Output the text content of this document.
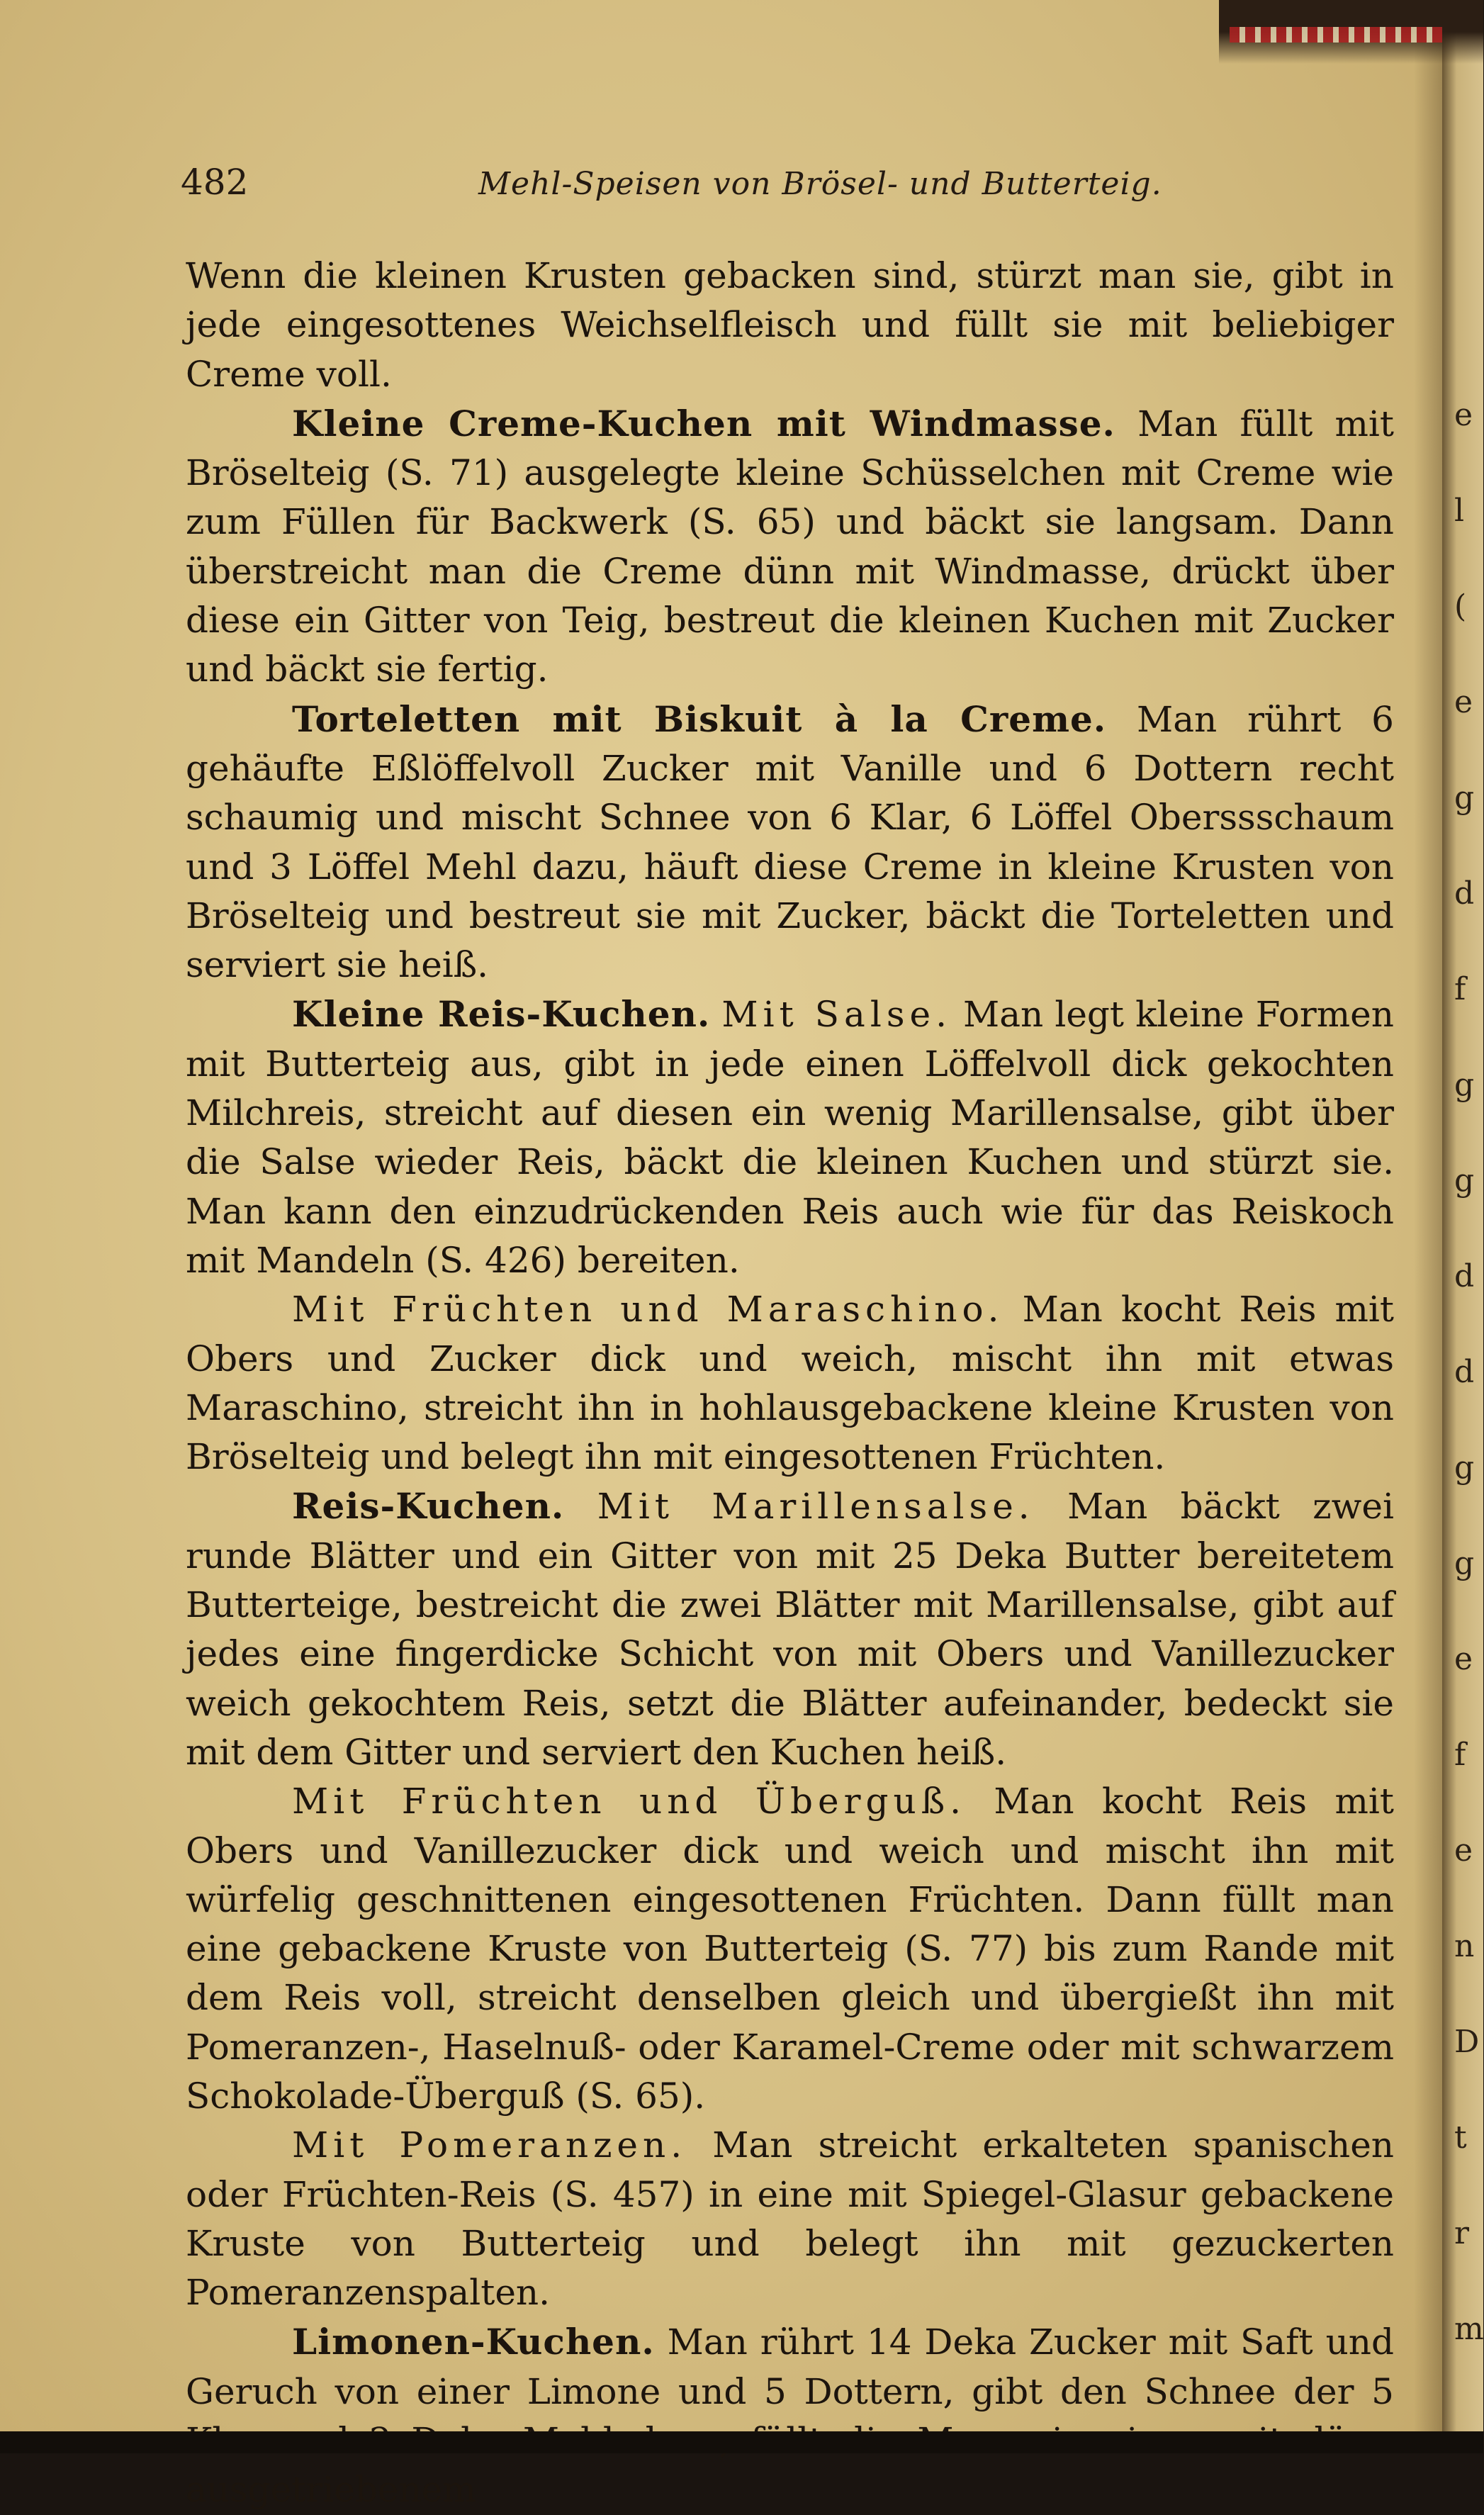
482	Mehl-Speisen von Brösel- und Butterteig.

Wenn die kleinen Krusten gebacken sind, stürzt man sie, gibt in jede eingesottenes Weichselfleisch und füllt sie mit beliebiger Creme voll.

Kleine Creme-Kuchen mit Windmasse. Man füllt mit Bröselteig (S. 71) ausgelegte kleine Schüsselchen mit Creme wie zum Füllen für Backwerk (S. 65) und bäckt sie langsam. Dann überstreicht man die Creme dünn mit Windmasse, drückt über diese ein Gitter von Teig, bestreut die kleinen Kuchen mit Zucker und bäckt sie fertig.

Torteletten mit Biskuit à la Creme. Man rührt 6 gehäufte Eßlöffelvoll Zucker mit Vanille und 6 Dottern recht schaumig und mischt Schnee von 6 Klar, 6 Löffel Oberssschaum und 3 Löffel Mehl dazu, häuft diese Creme in kleine Krusten von Bröselteig und bestreut sie mit Zucker, bäckt die Torteletten und serviert sie heiß.

Kleine Reis-Kuchen. Mit Salse. Man legt kleine Formen mit Butterteig aus, gibt in jede einen Löffelvoll dick gekochten Milchreis, streicht auf diesen ein wenig Marillensalse, gibt über die Salse wieder Reis, bäckt die kleinen Kuchen und stürzt sie. Man kann den einzudrückenden Reis auch wie für das Reiskoch mit Mandeln (S. 426) bereiten.

Mit Früchten und Maraschino. Man kocht Reis mit Obers und Zucker dick und weich, mischt ihn mit etwas Maraschino, streicht ihn in hohlausgebackene kleine Krusten von Bröselteig und belegt ihn mit eingesottenen Früchten.

Reis-Kuchen. Mit Marillensalse. Man bäckt zwei runde Blätter und ein Gitter von mit 25 Deka Butter bereitetem Butterteige, bestreicht die zwei Blätter mit Marillensalse, gibt auf jedes eine fingerdicke Schicht von mit Obers und Vanillezucker weich gekochtem Reis, setzt die Blätter aufeinander, bedeckt sie mit dem Gitter und serviert den Kuchen heiß.

Mit Früchten und Überguß. Man kocht Reis mit Obers und Vanillezucker dick und weich und mischt ihn mit würfelig geschnittenen eingesottenen Früchten. Dann füllt man eine gebackene Kruste von Butterteig (S. 77) bis zum Rande mit dem Reis voll, streicht denselben gleich und übergießt ihn mit Pomeranzen-, Haselnuß- oder Karamel-Creme oder mit schwarzem Schokolade-Überguß (S. 65).

Mit Pomeranzen. Man streicht erkalteten spanischen oder Früchten-Reis (S. 457) in eine mit Spiegel-Glasur gebackene Kruste von Butterteig und belegt ihn mit gezuckerten Pomeranzenspalten.

Limonen-Kuchen. Man rührt 14 Deka Zucker mit Saft und Geruch von einer Limone und 5 Dottern, gibt den Schnee der 5 ausgetriebenem

e
l
(
e
g
d
f
g
g
d
d
g
g
e
f
e
n
D
t
r
m
